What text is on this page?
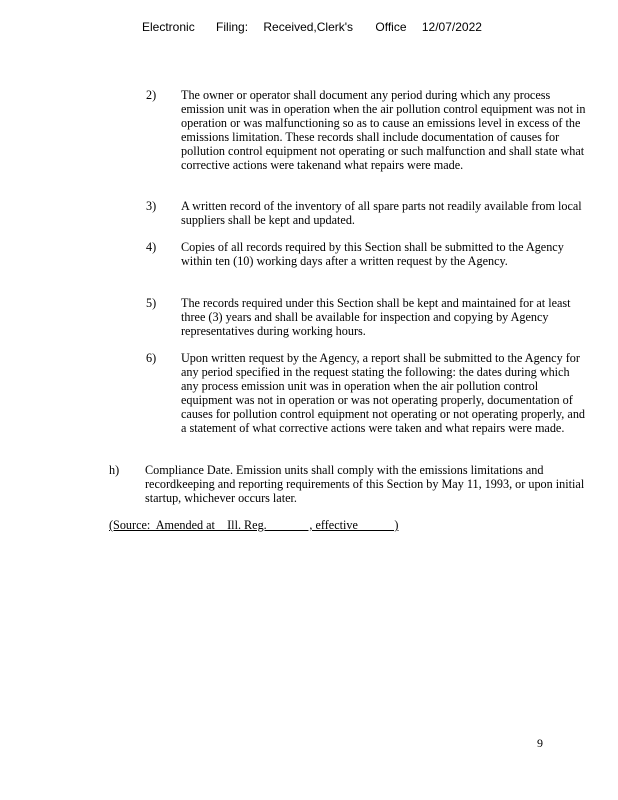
Electronic Filing: Received,Clerk's Office 12/07/2022
2) The owner or operator shall document any period during which any process emission unit was in operation when the air pollution control equipment was not in operation or was malfunctioning so as to cause an emissions level in excess of the emissions limitation. These records shall include documentation of causes for pollution control equipment not operating or such malfunction and shall state what corrective actions were takenand what repairs were made.
3) A written record of the inventory of all spare parts not readily available from local suppliers shall be kept and updated.
4) Copies of all records required by this Section shall be submitted to the Agency within ten (10) working days after a written request by the Agency.
5) The records required under this Section shall be kept and maintained for at least three (3) years and shall be available for inspection and copying by Agency representatives during working hours.
6) Upon written request by the Agency, a report shall be submitted to the Agency for any period specified in the request stating the following: the dates during which any process emission unit was in operation when the air pollution control equipment was not in operation or was not operating properly, documentation of causes for pollution control equipment not operating or not operating properly, and a statement of what corrective actions were taken and what repairs were made.
h) Compliance Date. Emission units shall comply with the emissions limitations and recordkeeping and reporting requirements of this Section by May 11, 1993, or upon initial startup, whichever occurs later.
(Source:  Amended at    Ill. Reg.              , effective            )
9
